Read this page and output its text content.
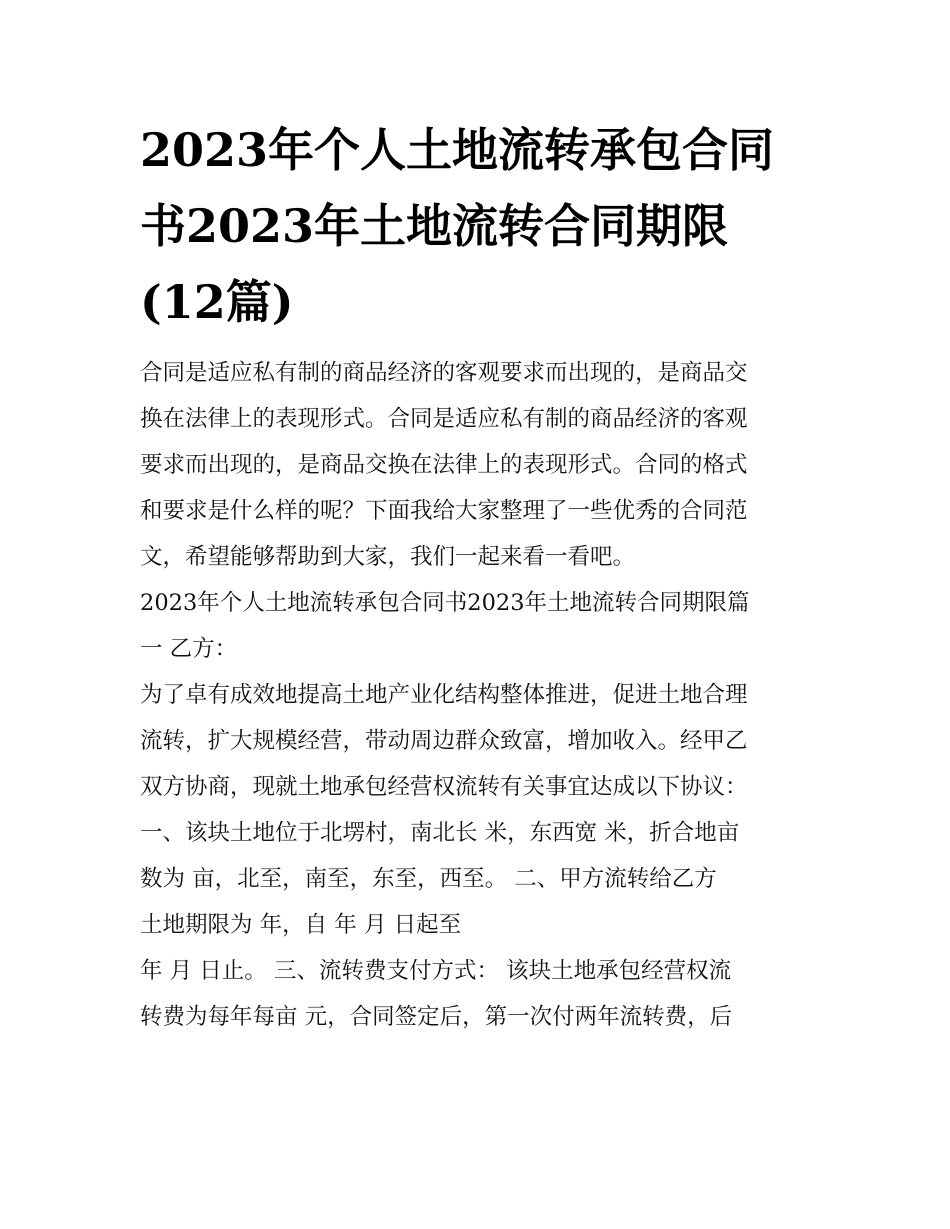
2023年个人土地流转承包合同
书2023年土地流转合同期限
(12篇)
合同是适应私有制的商品经济的客观要求而出现的，是商品交
换在法律上的表现形式。合同是适应私有制的商品经济的客观
要求而出现的，是商品交换在法律上的表现形式。合同的格式
和要求是什么样的呢？下面我给大家整理了一些优秀的合同范
文，希望能够帮助到大家，我们一起来看一看吧。
2023年个人土地流转承包合同书2023年土地流转合同期限篇
一 乙方：
为了卓有成效地提高土地产业化结构整体推进，促进土地合理
流转，扩大规模经营，带动周边群众致富，增加收入。经甲乙
双方协商，现就土地承包经营权流转有关事宜达成以下协议：
一、该块土地位于北塄村，南北长 米，东西宽 米，折合地亩
数为 亩，北至，南至，东至，西至。 二、甲方流转给乙方
土地期限为 年，自 年 月 日起至
年 月 日止。 三、流转费支付方式： 该块土地承包经营权流
转费为每年每亩 元，合同签定后，第一次付两年流转费，后
